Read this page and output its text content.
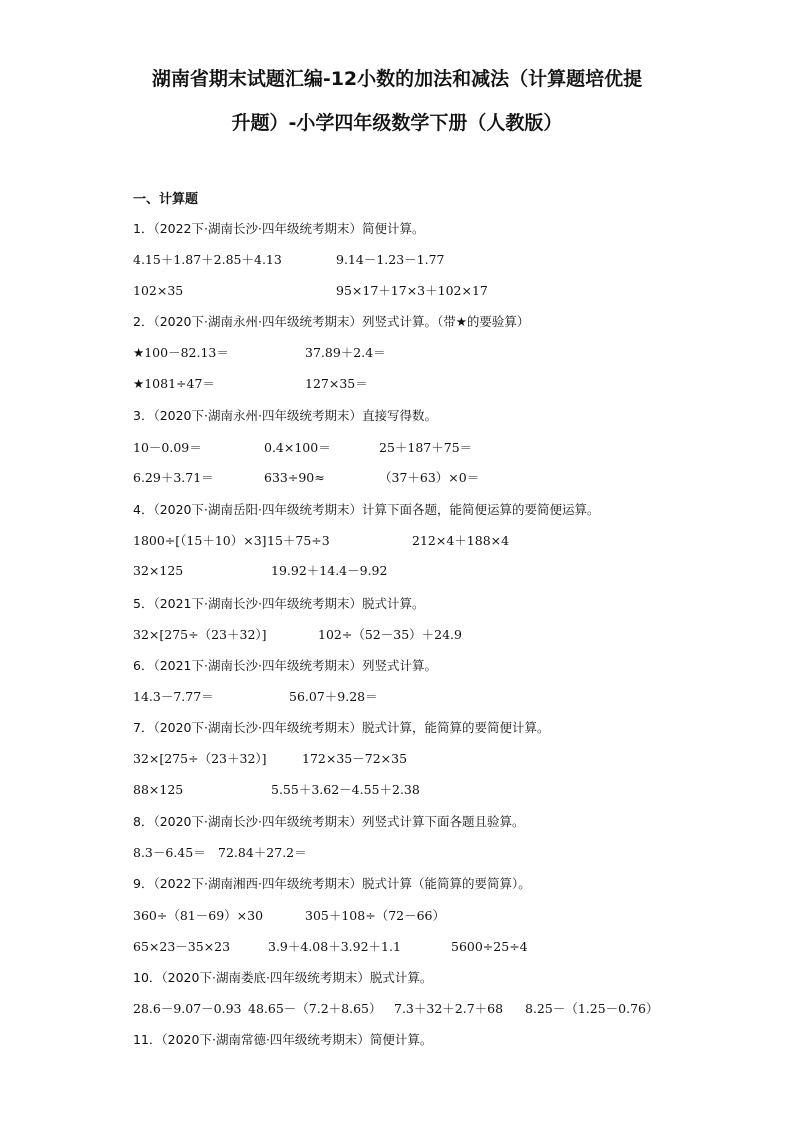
湖南省期末试题汇编-12小数的加法和减法（计算题培优提
升题）-小学四年级数学下册（人教版）
一、计算题
1．（2022下·湖南长沙·四年级统考期末）简便计算。
4.15＋1.87＋2.85＋4.13	9.14－1.23－1.77
102×35	95×17＋17×3＋102×17
2．（2020下·湖南永州·四年级统考期末）列竖式计算。（带★的要验算）
★100－82.13＝	37.89＋2.4＝
★1081÷47＝	127×35＝
3．（2020下·湖南永州·四年级统考期末）直接写得数。
10－0.09＝	0.4×100＝	25＋187＋75＝
6.29＋3.71＝	633÷90≈	（37＋63）×0＝
4．（2020下·湖南岳阳·四年级统考期末）计算下面各题，能简便运算的要简便运算。
1800÷[（15＋10）×3] 15＋75÷3	212×4＋188×4
32×125	19.92＋14.4－9.92
5．（2021下·湖南长沙·四年级统考期末）脱式计算。
32×[275÷（23＋32）]	102÷（52－35）＋24.9
6．（2021下·湖南长沙·四年级统考期末）列竖式计算。
14.3－7.77＝	56.07＋9.28＝
7．（2020下·湖南长沙·四年级统考期末）脱式计算，能简算的要简便计算。
32×[275÷（23＋32）]	172×35－72×35
88×125	5.55＋3.62－4.55＋2.38
8．（2020下·湖南长沙·四年级统考期末）列竖式计算下面各题且验算。
8.3－6.45＝ 72.84＋27.2＝
9．（2022下·湖南湘西·四年级统考期末）脱式计算（能简算的要简算）。
360÷（81－69）×30	305＋108÷（72－66）
65×23－35×23	3.9＋4.08＋3.92＋1.1	5600÷25÷4
10．（2020下·湖南娄底·四年级统考期末）脱式计算。
28.6－9.07－0.93 48.65－（7.2＋8.65） 7.3＋32＋2.7＋68 8.25－（1.25－0.76）
11．（2020下·湖南常德·四年级统考期末）简便计算。
